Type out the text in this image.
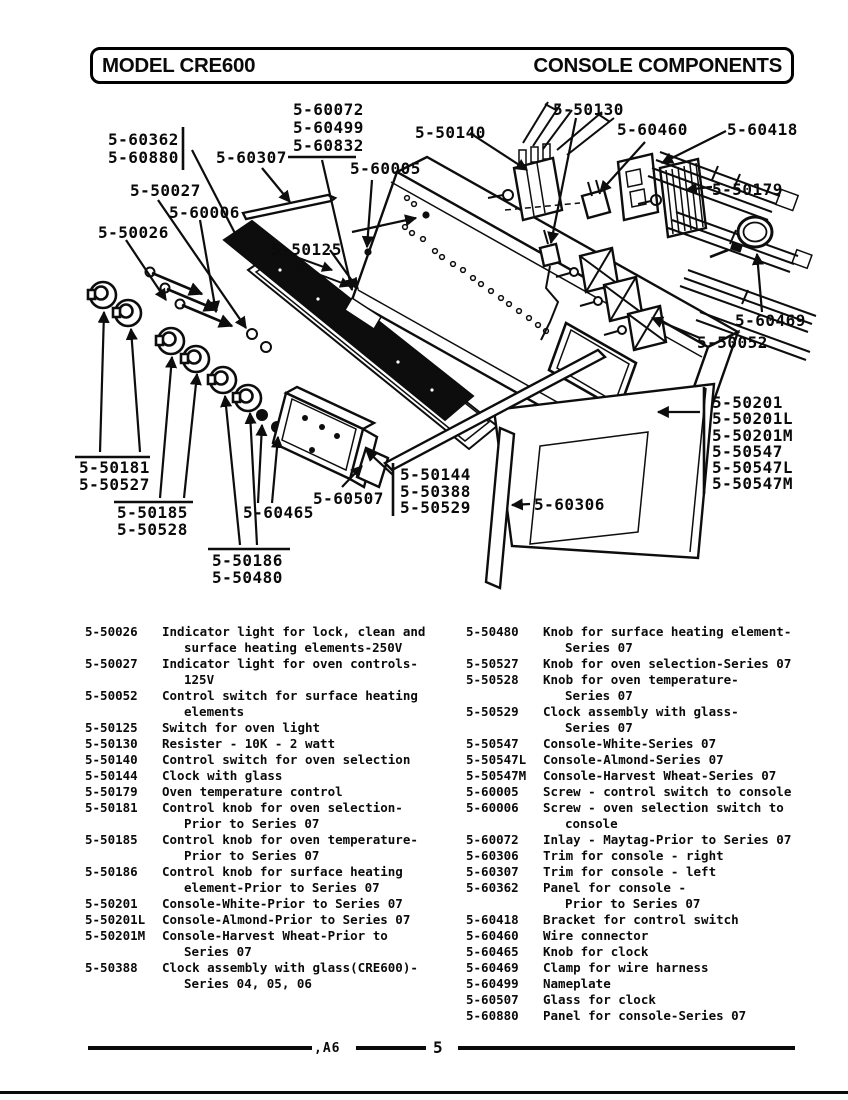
MODEL CRE600	CONSOLE COMPONENTS
5-60362
5-60880 5-60307
5-60072
5-60499
5-60832
5-60005
5-50140
5-50130
5-60460 5-60418
5-50179
5-50027
5-60006
5-50026
5-50125
5-60469
5-50052
5-50201
5-50201L
5-50201M
5-50547
5-50547L
5-50547M
5-50181
5-50527
5-50185
5-50528
5-50186
5-50480
5-60465
5-60507
5-50144
5-50388
5-50529	5-60306
5-50026	Indicator light for lock, clean and
surface heating elements-250V
5-50027	Indicator light for oven controls-
125V
5-50052	Control switch for surface heating
elements
5-50125	Switch for oven light
5-50130	Resister - 10K - 2 watt
5-50140	Control switch for oven selection
5-50144	Clock with glass
5-50179	Oven temperature control
5-50181	Control knob for oven selection-
Prior to Series 07
5-50185	Control knob for oven temperature-
Prior to Series 07
5-50186	Control knob for surface heating
element-Prior to Series 07
5-50201	Console-White-Prior to Series 07
5-50201L	Console-Almond-Prior to Series 07
5-50201M	Console-Harvest Wheat-Prior to
Series 07
5-50388	Clock assembly with glass(CRE600)-
Series 04, 05, 06
5-50480	Knob for surface heating element-
Series 07
5-50527	Knob for oven selection-Series 07
5-50528	Knob for oven temperature-
Series 07
5-50529	Clock assembly with glass-
Series 07
5-50547	Console-White-Series 07
5-50547L	Console-Almond-Series 07
5-50547M	Console-Harvest Wheat-Series 07
5-60005	Screw - control switch to console
5-60006	Screw - oven selection switch to
console
5-60072	Inlay - Maytag-Prior to Series 07
5-60306	Trim for console - right
5-60307	Trim for console - left
5-60362	Panel for console -
Prior to Series 07
5-60418	Bracket for control switch
5-60460	Wire connector
5-60465	Knob for clock
5-60469	Clamp for wire harness
5-60499	Nameplate
5-60507	Glass for clock
5-60880	Panel for console-Series 07
,A6	5
